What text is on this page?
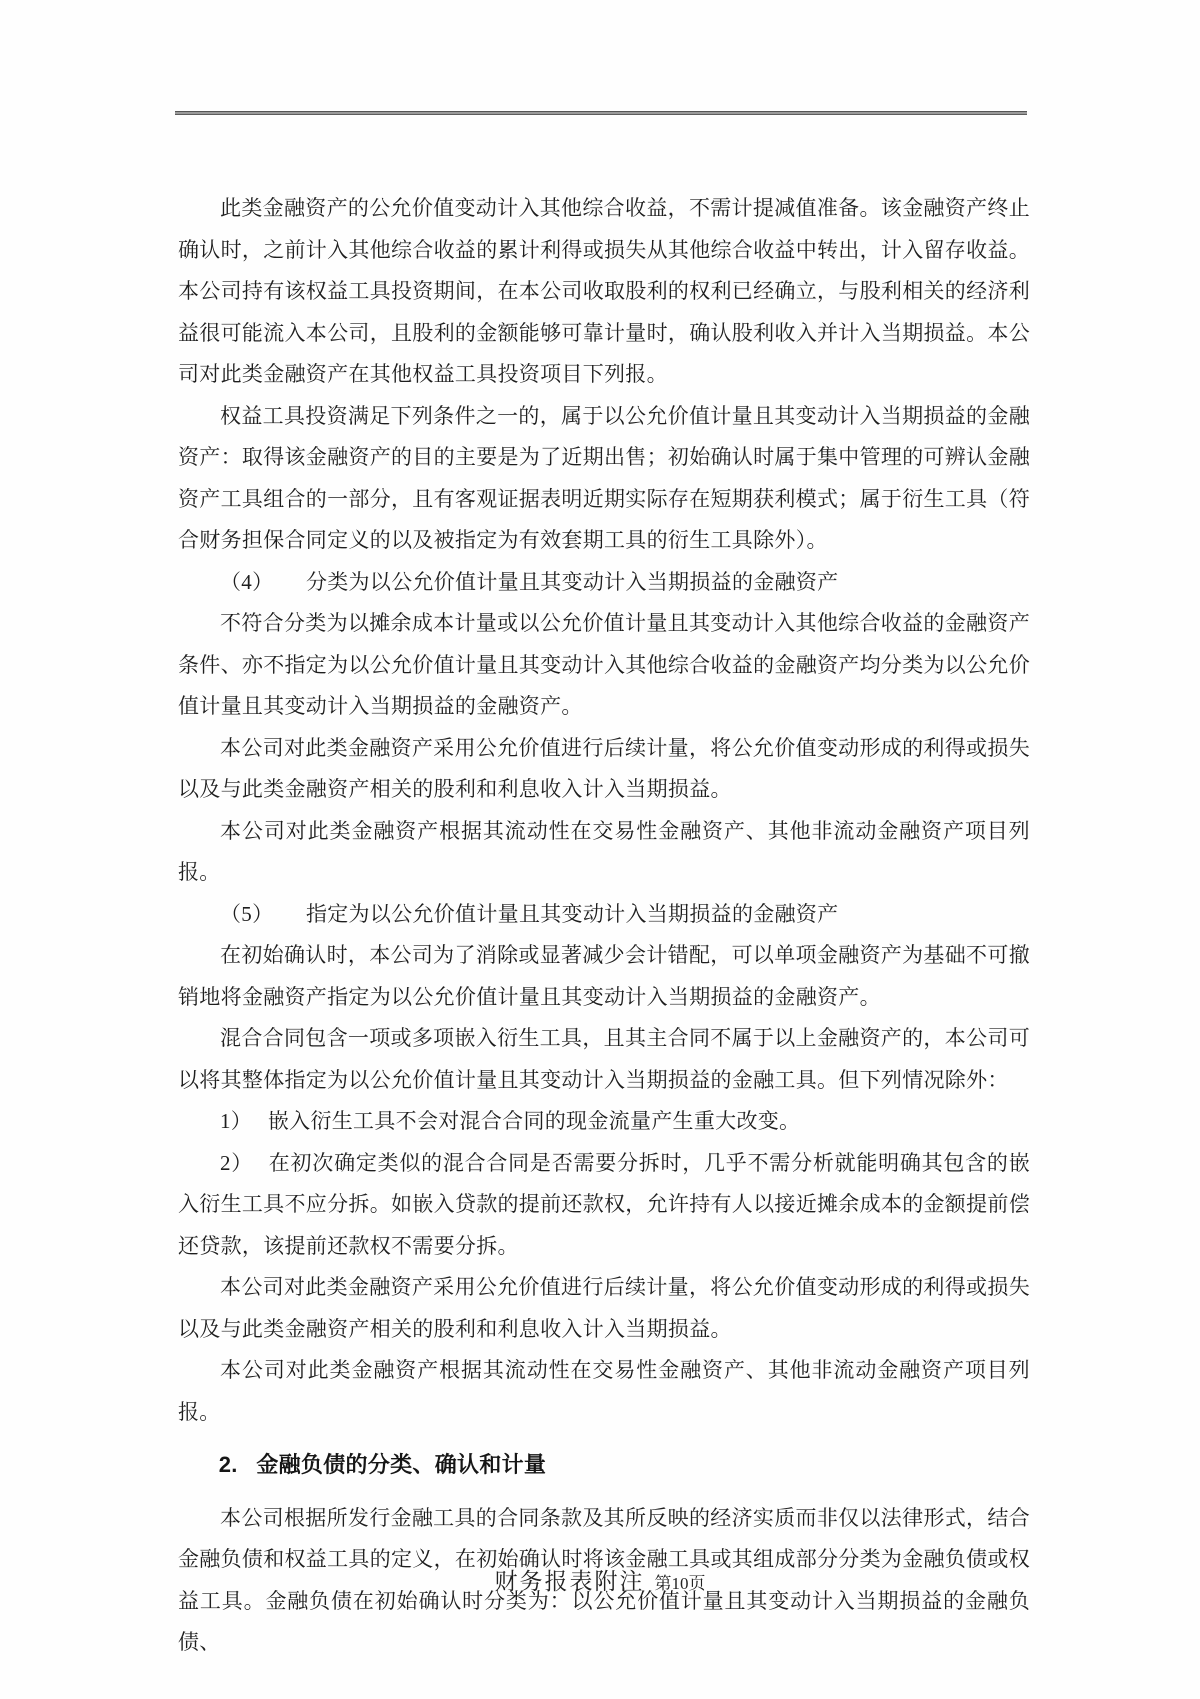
此类金融资产的公允价值变动计入其他综合收益，不需计提减值准备。该金融资产终止确认时，之前计入其他综合收益的累计利得或损失从其他综合收益中转出，计入留存收益。本公司持有该权益工具投资期间，在本公司收取股利的权利已经确立，与股利相关的经济利益很可能流入本公司，且股利的金额能够可靠计量时，确认股利收入并计入当期损益。本公司对此类金融资产在其他权益工具投资项目下列报。

权益工具投资满足下列条件之一的，属于以公允价值计量且其变动计入当期损益的金融资产：取得该金融资产的目的主要是为了近期出售；初始确认时属于集中管理的可辨认金融资产工具组合的一部分，且有客观证据表明近期实际存在短期获利模式；属于衍生工具（符合财务担保合同定义的以及被指定为有效套期工具的衍生工具除外）。

（4） 分类为以公允价值计量且其变动计入当期损益的金融资产

不符合分类为以摊余成本计量或以公允价值计量且其变动计入其他综合收益的金融资产条件、亦不指定为以公允价值计量且其变动计入其他综合收益的金融资产均分类为以公允价值计量且其变动计入当期损益的金融资产。

本公司对此类金融资产采用公允价值进行后续计量，将公允价值变动形成的利得或损失以及与此类金融资产相关的股利和利息收入计入当期损益。

本公司对此类金融资产根据其流动性在交易性金融资产、其他非流动金融资产项目列报。

（5） 指定为以公允价值计量且其变动计入当期损益的金融资产

在初始确认时，本公司为了消除或显著减少会计错配，可以单项金融资产为基础不可撤销地将金融资产指定为以公允价值计量且其变动计入当期损益的金融资产。

混合合同包含一项或多项嵌入衍生工具，且其主合同不属于以上金融资产的，本公司可以将其整体指定为以公允价值计量且其变动计入当期损益的金融工具。但下列情况除外：

1） 嵌入衍生工具不会对混合合同的现金流量产生重大改变。

2） 在初次确定类似的混合合同是否需要分拆时，几乎不需分析就能明确其包含的嵌入衍生工具不应分拆。如嵌入贷款的提前还款权，允许持有人以接近摊余成本的金额提前偿还贷款，该提前还款权不需要分拆。

本公司对此类金融资产采用公允价值进行后续计量，将公允价值变动形成的利得或损失以及与此类金融资产相关的股利和利息收入计入当期损益。

本公司对此类金融资产根据其流动性在交易性金融资产、其他非流动金融资产项目列报。

2. 金融负债的分类、确认和计量

本公司根据所发行金融工具的合同条款及其所反映的经济实质而非仅以法律形式，结合金融负债和权益工具的定义，在初始确认时将该金融工具或其组成部分分类为金融负债或权益工具。金融负债在初始确认时分类为：以公允价值计量且其变动计入当期损益的金融负债、

财务报表附注 第10页
